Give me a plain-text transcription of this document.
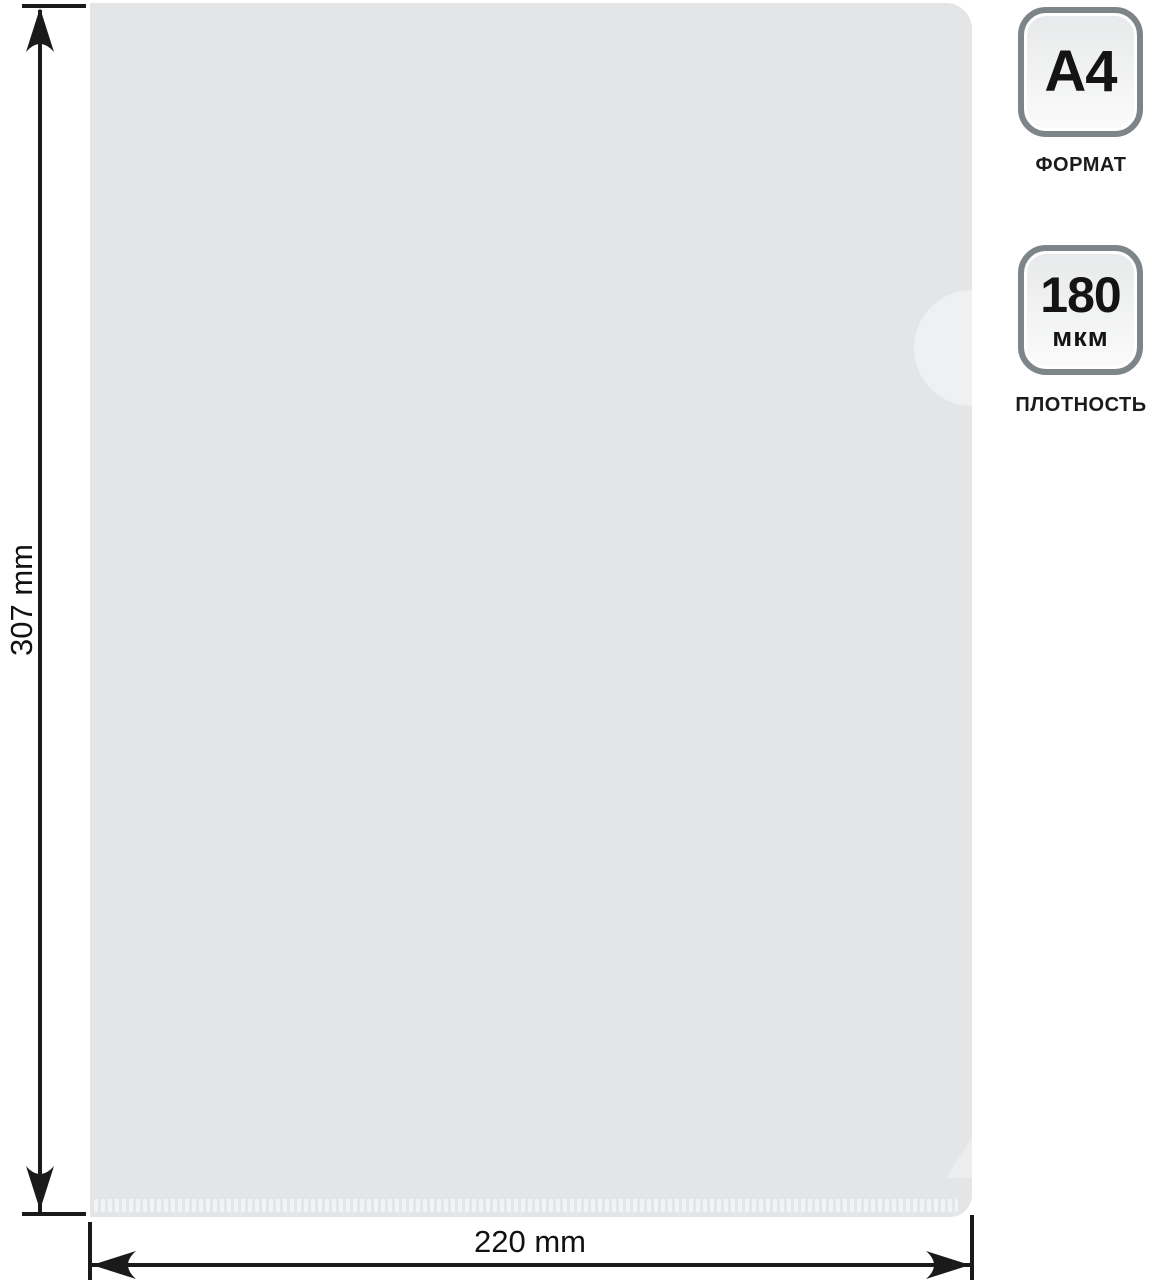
307 mm
220 mm
A4
ФОРМАТ
180
мкм
ПЛОТНОСТЬ
